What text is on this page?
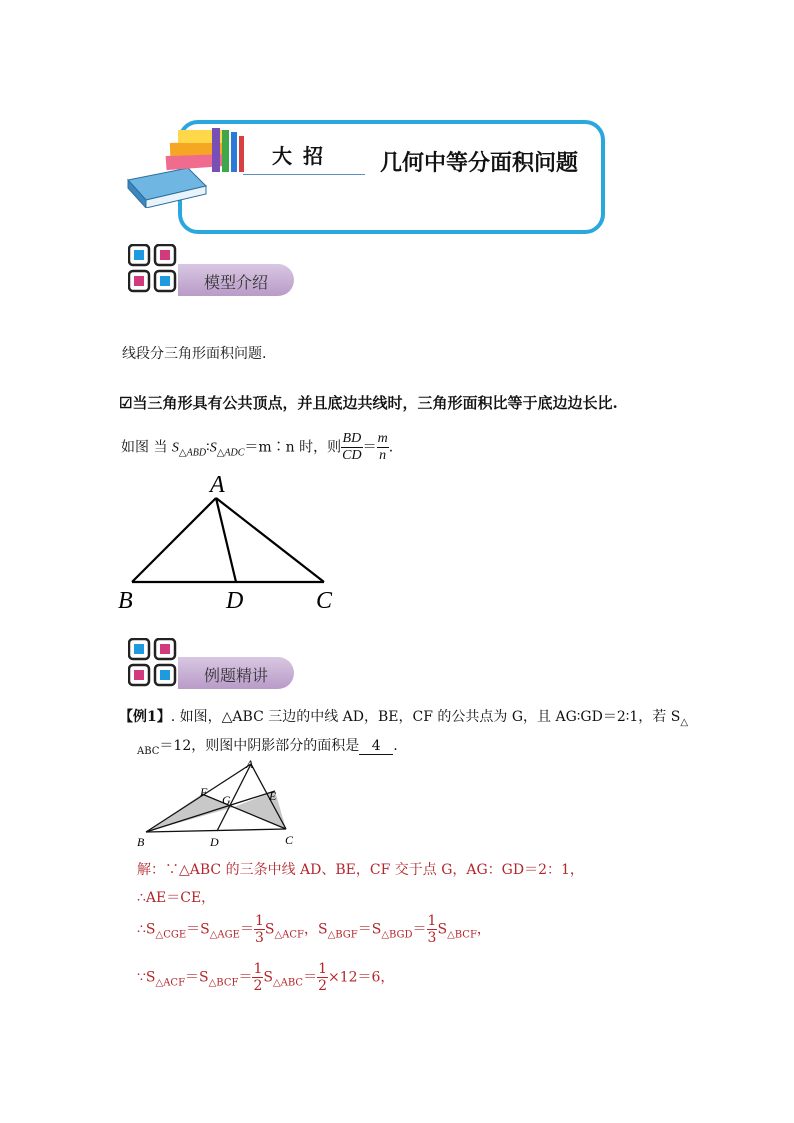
大 招	几何中等分面积问题
模型介绍
线段分三角形面积问题.
☑当三角形具有公共顶点，并且底边共线时，三角形面积比等于底边边长比.
如图 当 $S_{\triangle ABD}∶S_{\triangle ADC}=m∶n$ 时，则 $\frac{BD}{CD} = \frac{m}{n}$ .
A
B	D	C
例题精讲
【例1】. 如图，△ABC 三边的中线 AD，BE，CF 的公共点为 G，且 AG∶GD＝2∶1，若 $S_\triangle$
$_{ABC}$＝12，则图中阴影部分的面积是 4 .
A
B	C
D
E
F
G
解：∵△ABC 的三条中线 AD、BE，CF 交于点 G，AG：GD＝2：1，
∴AE＝CE，
$\therefore S_{\triangle CGE}=S_{\triangle AGE}= \frac{1}{3} S_{\triangle ACF}$，$S_{\triangle BGF}=S_{\triangle BGD}= \frac{1}{3} S_{\triangle BCF}$，
$\because S_{\triangle ACF}=S_{\triangle BCF}= \frac{1}{2} S_{\triangle ABC}= \frac{1}{2} \times 12=6$，
